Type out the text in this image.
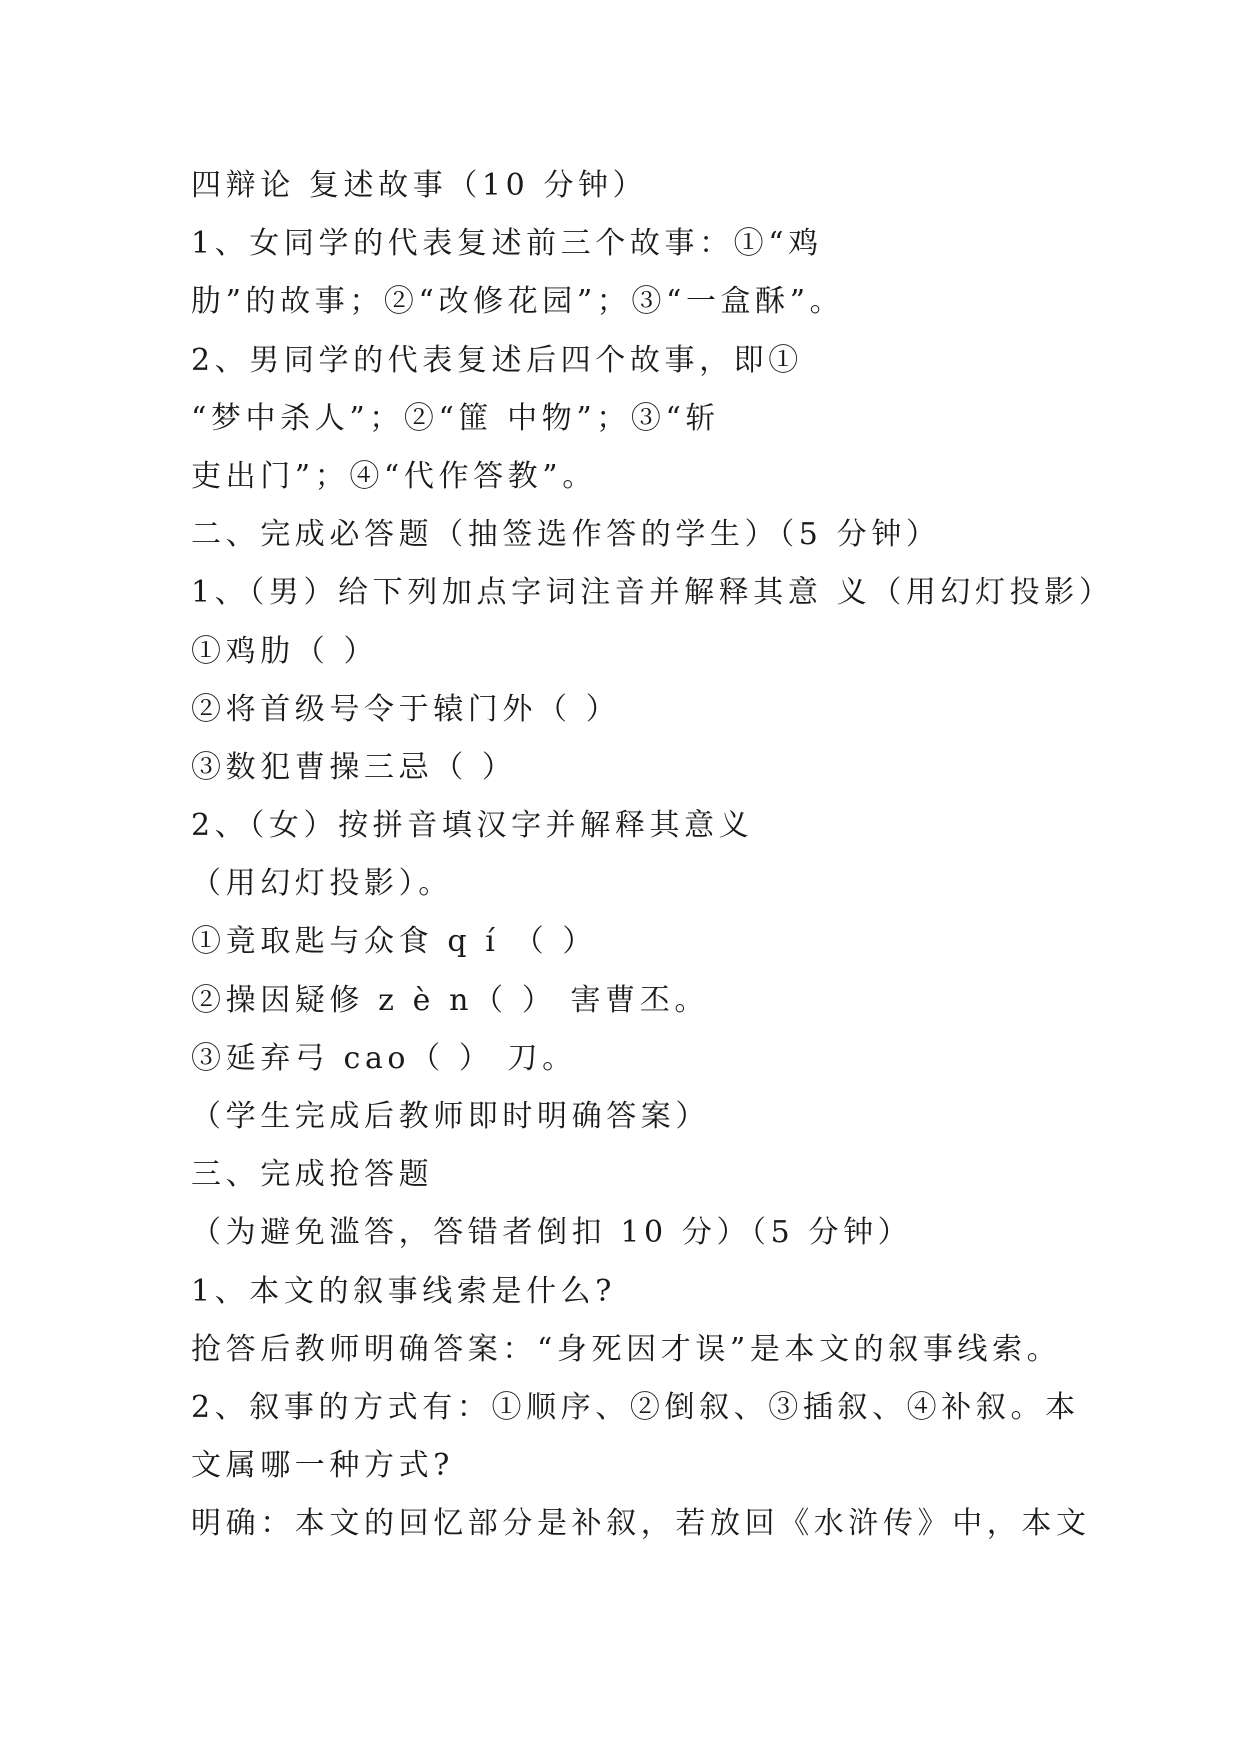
四辩论 复述故事（10 分钟）

1、女同学的代表复述前三个故事：①“鸡

肋”的故事；②“改修花园”；③“一盒酥”。

2、男同学的代表复述后四个故事，即①

“梦中杀人”；②“篚 中物”；③“斩

吏出门”；④“代作答教”。

二、完成必答题（抽签选作答的学生）（5 分钟）

1、（男）给下列加点字词注音并解释其意 义（用幻灯投影）

①鸡肋（ ）

②将首级号令于辕门外（ ）

③数犯曹操三忌（ ）

2、（女）按拼音填汉字并解释其意义

（用幻灯投影）。

①竟取匙与众食 q í （ ）

②操因疑修 z è n（ ） 害曹丕。

③延弃弓 cao（ ） 刀。

（学生完成后教师即时明确答案）

三、完成抢答题

（为避免滥答，答错者倒扣 10 分）（5 分钟）

1、本文的叙事线索是什么?

抢答后教师明确答案：“身死因才误”是本文的叙事线索。

2、叙事的方式有：①顺序、②倒叙、③插叙、④补叙。本

文属哪一种方式?

明确：本文的回忆部分是补叙，若放回《水浒传》中，本文
